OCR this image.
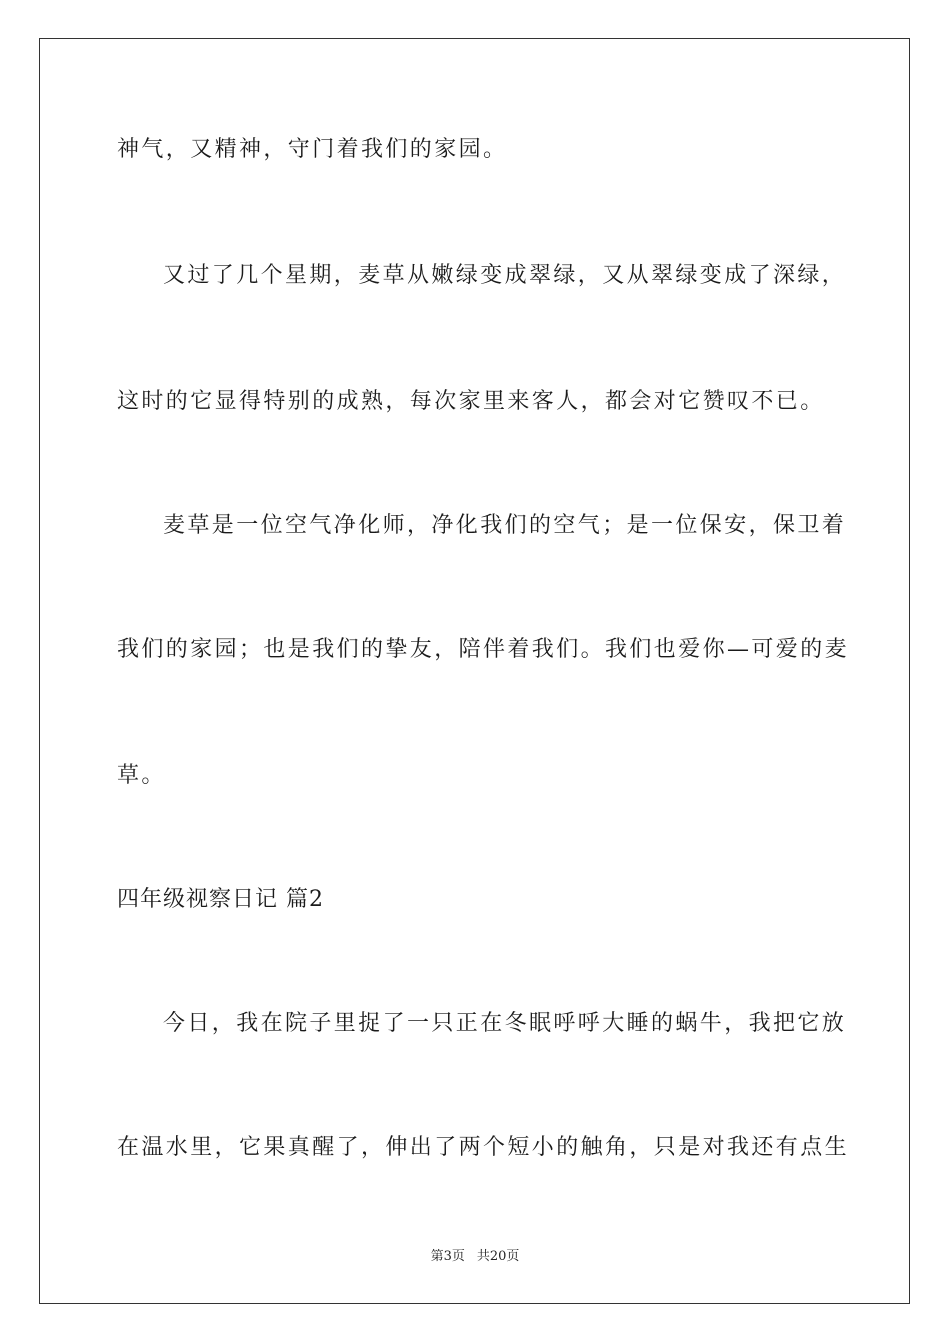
神气，又精神，守门着我们的家园。
又过了几个星期，麦草从嫩绿变成翠绿，又从翠绿变成了深绿，
这时的它显得特别的成熟，每次家里来客人，都会对它赞叹不已。
麦草是一位空气净化师，净化我们的空气；是一位保安，保卫着
我们的家园；也是我们的挚友，陪伴着我们。我们也爱你—可爱的麦
草。
四年级视察日记 篇2
今日，我在院子里捉了一只正在冬眠呼呼大睡的蜗牛，我把它放
在温水里，它果真醒了，伸出了两个短小的触角，只是对我还有点生
第3页 共20页
